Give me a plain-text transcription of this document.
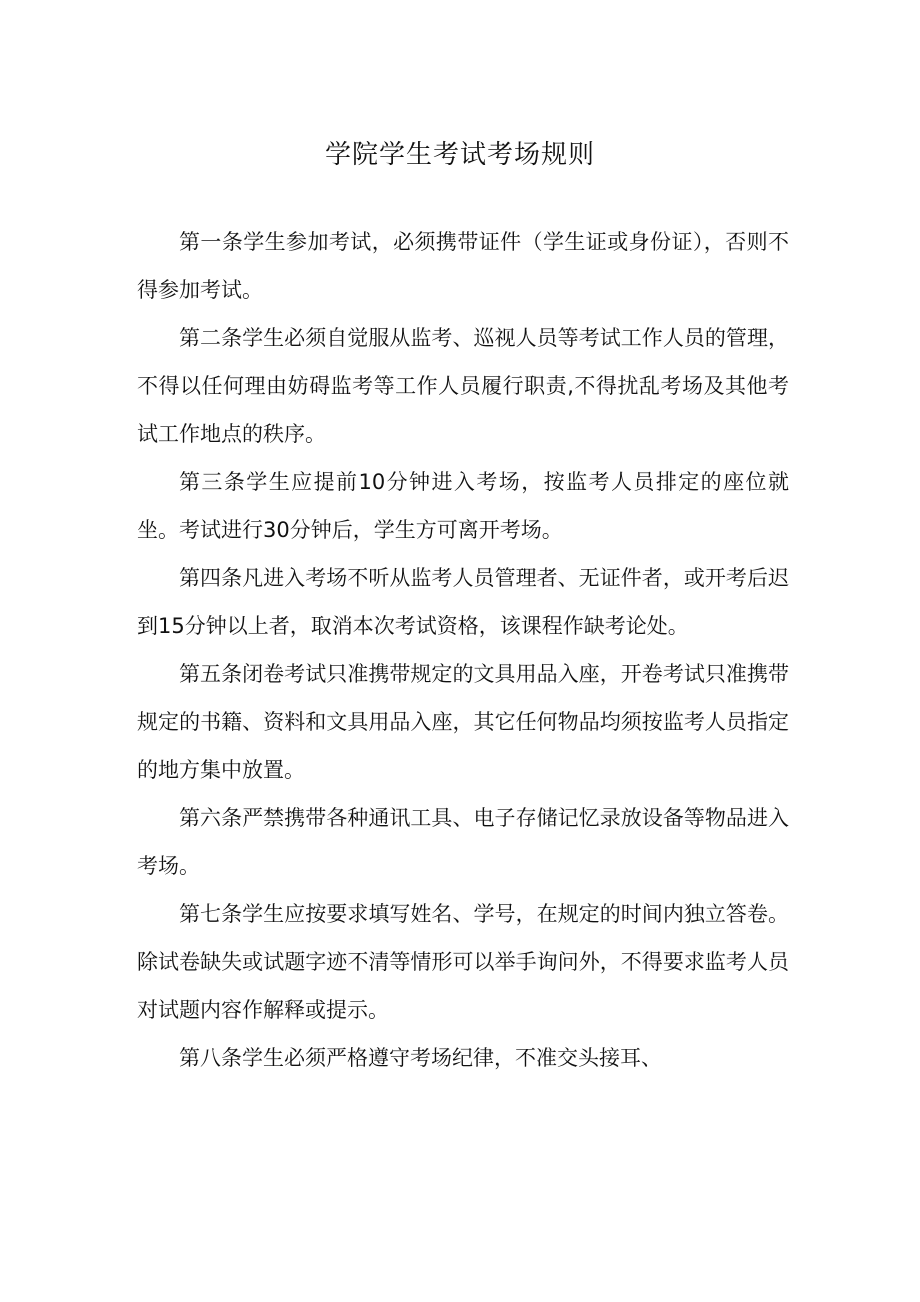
学院学生考试考场规则

第一条学生参加考试，必须携带证件（学生证或身份证），否则不得参加考试。

第二条学生必须自觉服从监考、巡视人员等考试工作人员的管理，不得以任何理由妨碍监考等工作人员履行职责,不得扰乱考场及其他考试工作地点的秩序。

第三条学生应提前10分钟进入考场，按监考人员排定的座位就坐。考试进行30分钟后，学生方可离开考场。

第四条凡进入考场不听从监考人员管理者、无证件者，或开考后迟到15分钟以上者，取消本次考试资格，该课程作缺考论处。

第五条闭卷考试只准携带规定的文具用品入座，开卷考试只准携带规定的书籍、资料和文具用品入座，其它任何物品均须按监考人员指定的地方集中放置。

第六条严禁携带各种通讯工具、电子存储记忆录放设备等物品进入考场。

第七条学生应按要求填写姓名、学号，在规定的时间内独立答卷。除试卷缺失或试题字迹不清等情形可以举手询问外，不得要求监考人员对试题内容作解释或提示。

第八条学生必须严格遵守考场纪律，不准交头接耳、
